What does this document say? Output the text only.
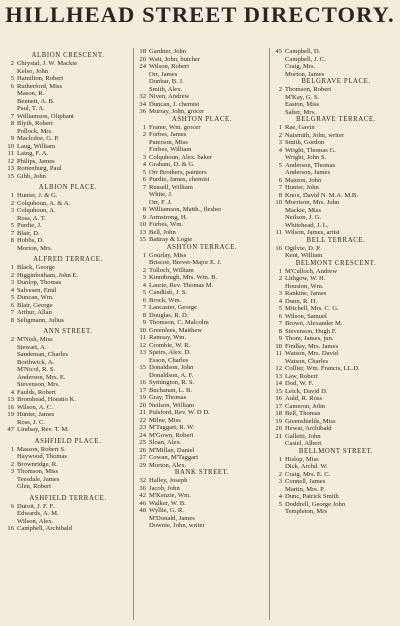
HILLHEAD STREET DIRECTORY.
ALBION CRESCENT.
2 Chrystal, J. W. Mackie
Kelso, John
5 Hamilton, Robert
6 Rutherford, Miss
Mason, R.
Bennett, A. B.
Paul, T. A.
7 Williamson, Oliphant
8 Blyth, Robert
Pollock, Mrs.
9 Maclcdoe, G. P.
10 Laug, William
11 Laing, F. A.
12 Philips, James
13 Rottenburg, Paul
15 Gibb, John
ALBION PLACE.
1 Hunter, J. & G.
2 Colquhoun, A. & A.
3 Colquhoun, A.
Ross, A. T.
5 Purdie, J.
7 Blair, D.
8 Hobbs, D.
Morton, Mrs.
ALFRED TERRACE.
1 Black, George
2 Higginbotham, John E.
3 Dunlop, Thomas
4 Salvesen, Emil
5 Duncan, Wm.
6 Blair, George
7 Arthur, Allan
8 Seligmann, Julius
ANN STREET.
2 M'Nish, Miss
Stewart, A.
Sandeman, Charles
Borthwick, A.
M'Nicol, R. S.
Anderson, Mrs. E.
Stevenson, Mrs.
4 Faulds, Robert
13 Bromhead, Horatio K.
16 Wilson, A. C.
19 Hunter, James
Ross, J. C.
47 Lindsay, Rev. T. M.
ASHFIELD PLACE.
1 Masson, Robert S.
Haywood, Thomas
2 Brownridge, R.
3 Thomson, Miss
Teesdale, James
Glen, Robert
ASHFIELD TERRACE.
6 Dutoit, J. F. F.
Edwards, A. M.
Wilson, Alex.
16 Campbell, Archibald
18 Gardner, John
20 Watt, John, butcher
24 Wilson, Robert
Orr, James
Dunbar, B. J.
Smith, Alex.
32 Niven, Andrew
34 Duncan, J. chemist
36 Murray, John, grocer
ASHTON PLACE.
1 Frame, Wm. grocer
2 Forbes, James
Paterson, Miss
Forbes, William
3 Colquhoun, Alex. baker
4 Graham, D. & G.
5 Orr Brothers, painters
6 Purdie, James, chemist
7 Russell, William
White, J.
Orr, F. J.
8 Williamson, Matth., flesher
9 Armstrong, H.
10 Forbes, Wm.
13 Bell, John
15 Battray & Logie
ASHTON TERRACE.
1 Gourlay, Miss
Briscoe, Brevet-Major E. J.
2 Tulloch, William
3 Kinnibrugh, Mrs. Wm. B.
4 Laurie, Rev. Thomas M.
5 Candlish, J. S.
6 Brock, Wm.
7 Lancaster, George
8 Douglas, R. D.
9 Thomson, C. Malcolm
10 Greenlees, Matthew
11 Ramsay, Wm.
12 Crombie, W. R.
13 Speirs, Alex. D.
Esson, Charles
15 Donaldson, John
Donaldson, A. F.
16 Symington, R. S.
17 Buchanan, L. B.
19 Gray, Thomas
20 Neilson, William
21 Pulsford, Rev. W. D D.
22 Milne, Miss
23 M'Taggart, R. W.
24 M'Gown, Robert
25 Sloan, Alex.
26 M'Millan, Daniel
27 Cowan, M'Taggart
29 Morton, Alex.
BANK STREET.
32 Halley, Joseph
36 Jacob, John
42 M'Kenzie, Wm.
46 Walker, W. B.
48 Wyllie, G. R.
M'Donald, James
Downie, John, writer
45 Campbell, D.
Campbell, J. C.
Craig, Mrs.
Morton, James
BELGRAVE PLACE.
2 Thomson, Robert
M'Kay, G. S.
Easton, Miss
Salter, Mrs.
BELGRAVE TERRACE.
1 Rae, Gavin
2 Naismith, John, writer
3 Smith, Gordon
4 Wright, Thomas G.
Wright, John S.
5 Anderson, Thomas
Anderson, James
6 Maxton, John
7 Hunter, John
8 Knox, David N. M.A. M.B.
10 Morrison, Mrs. John
Mackie, Miss
Neilson, J. G.
Whitehead, J. L.
11 Wilson, James, artist
BELL TERRACE.
16 Ogilvie, D. P.
Kent, William
BELMONT CRESCENT.
1 M'Culloch, Andrew
2 Lithgow, W. H.
Houston, Wm.
3 Rankine, James
4 Dunn, R. H.
5 Mitchell, Mrs. C. G.
6 Wilson, Samuel
7 Brown, Alexander M.
8 Stevenson, Hugh F.
9 Thom, James, jun.
10 Findlay, Mrs. James
11 Watson, Mrs. David
Watson, Charles
12 Collier, Wm. Francis, LL.D.
13 Law, Robert
14 Dod, W. F.
15 Leick, David D.
16 Auld, R. Ross
17 Cameron, John
18 Bell, Thomas
19 Greenshields, Miss
20 Hewat, Archibald
21 Galletti, John
Castel, Albert
BELLMONT STREET.
1 Hislop, Miss
Dick, Archd. W.
2 Craig, Mrs. E. C.
3 Connell, James
Martin, Mrs. P.
4 Dunc, Patrick Smith
5 Doddrell, George John
Templeton, Mrs
